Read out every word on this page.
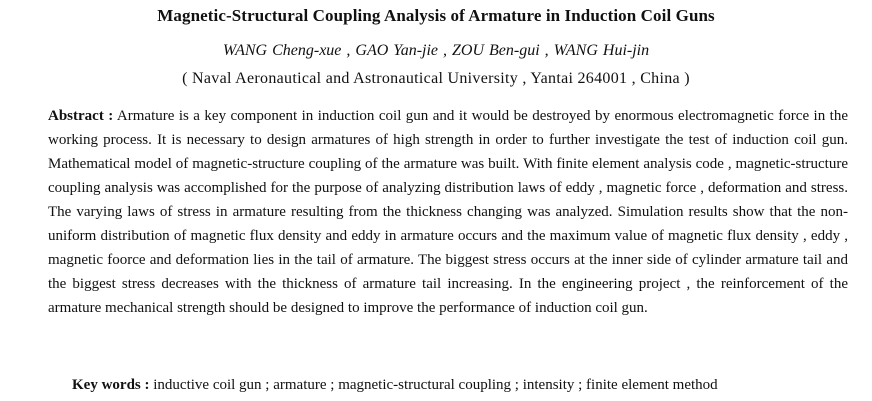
Magnetic-Structural Coupling Analysis of Armature in Induction Coil Guns
WANG Cheng-xue , GAO Yan-jie , ZOU Ben-gui , WANG Hui-jin
( Naval Aeronautical and Astronautical University , Yantai 264001 , China )
Abstract : Armature is a key component in induction coil gun and it would be destroyed by enormous electromagnetic force in the working process. It is necessary to design armatures of high strength in order to further investigate the test of induction coil gun. Mathematical model of magnetic-structure coupling of the armature was built. With finite element analysis code , magnetic-structure coupling analysis was accomplished for the purpose of analyzing distribution laws of eddy , magnetic force , deformation and stress. The varying laws of stress in armature resulting from the thickness changing was analyzed. Simulation results show that the non-uniform distribution of magnetic flux density and eddy in armature occurs and the maximum value of magnetic flux density , eddy , magnetic foorce and deformation lies in the tail of armature. The biggest stress occurs at the inner side of cylinder armature tail and the biggest stress decreases with the thickness of armature tail increasing. In the engineering project , the reinforcement of the armature mechanical strength should be designed to improve the performance of induction coil gun.
Key words : inductive coil gun ; armature ; magnetic-structural coupling ; intensity ; finite element method
